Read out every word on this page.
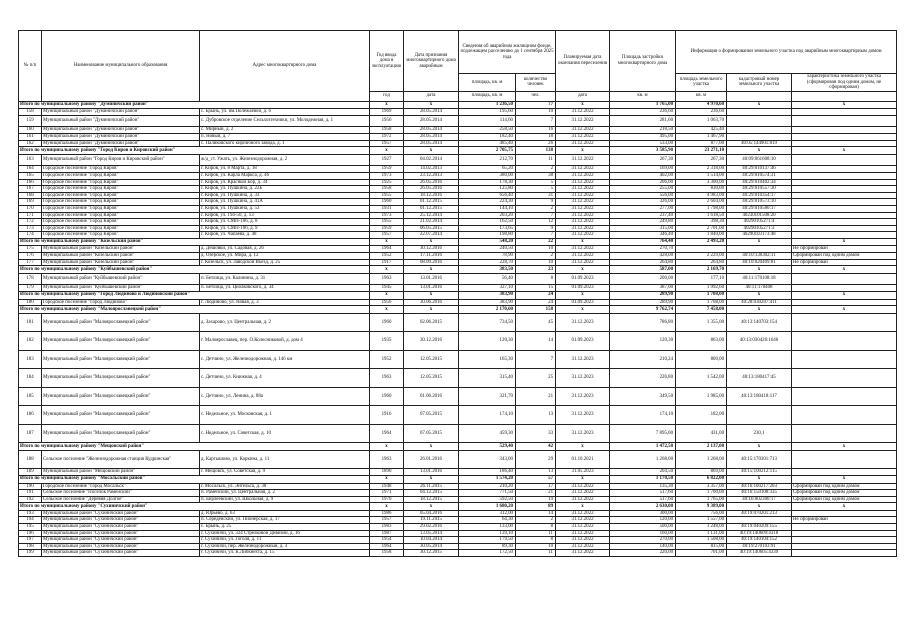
№ п/п	Наименование муниципального образования	Адрес многоквартирного дома	Год ввода дома в эксплуатацию	Дата признания многоквартирного дома аварийным	Сведения об аварийном жилищном фонде, подлежащем расселению до 1 сентября 2025 года		Планируемая дата окончания переселения	Площадь застройки многоквартирного дома	Информация о формировании земельного участка под аварийным многоквартирным домом		
					площадь, кв. м	количество человек			площадь земельного участка	кадастровый номер земельного участка	характеристика земельного участка (сформирован под одним домом, не сформирован)
			год	дата	площадь, кв. м	чел.	дата	кв. м	кв. м		
Итого по муниципальному району "Думиничский район"			х	х	1 236,50	77	х	1 765,00	4 970,60	х	х
158	Муниципальный район "Думиничский район"	с. Брынь, ул. им.Полежаевой, д. 6	1969	28.05.2014	195,60	10	31.12.2022	236,60	236,60		
159	Муниципальный район "Думиничский район"	с. Дубровское отделение Сельхозтехники, ул. Молодежная, д. 1	1956	28.05.2014	114,60	7	31.12.2022	281,60	1 063,70		
160	Муниципальный район "Думиничский район"	с. Мирный, д. 2	1958	28.05.2014	258,50	16	31.12.2022	218,50	425,40		
161	Муниципальный район "Думиничский район"	п. Новый, д. 7	1972	28.05.2014	182,40	18	31.12.2022	495,00	1 467,90		
162	Муниципальный район "Думиничский район"	с. Паликовского кирпичного завода, д. 1	1957	28.05.2014	485,40	26	31.12.2022	533,00	877,00	40:05:144901:819	
Итого по муниципальному району "Город Киров и Кировский район"			х	х	2 705,75	138	х	3 585,90	23 271,10	х	х
163	Муниципальный район "Город Киров и Кировский район"	ж/д_ст. Ужать, ул. Железнодорожная, д. 2	1927	04.02.2014	212,70	11	31.12.2022	267,30	267,30	40:09:061608:10	
164	Городское поселение "Город Киров"	г. Киров, ул. 8 Марта, д. 18	1959	14.02.2013	65,20	2	31.12.2022	169,00	2 318,00	40:29:010137:46	
165	Городское поселение "Город Киров"	г. Киров, ул. Карла Маркса, д. 46	1973	23.12.2013	380,00	38	31.12.2022	402,00	1 514,00	40:29:010574:31	
166	Городское поселение "Город Киров"	г. Киров, ул. Красный Бор, д. 34	1925	26.05.2016	178,30	5	31.12.2022	206,00	3 300,00	40:29:010402:34	
167	Городское поселение "Город Киров"	г. Киров, ул. Пушкина, д. 22Б	1958	26.05.2016	125,80	5	31.12.2022	255,00	830,00	40:29:010557:30	
168	Городское поселение "Город Киров"	г. Киров, ул. Пушкина, д. 33	1955	18.12.2016	656,40	31	31.12.2022	556,00	4 983,00	40:29:010354:17	
169	Городское поселение "Город Киров"	г. Киров, ул. Пушкина, д. 41А	1960	01.12.2015	224,30	9	31.12.2022	326,00	2 604,00	40:29:010573:10	
170	Городское поселение "Город Киров"	г. Киров, ул. Пушкина, д. 53	1931	01.12.2015	144,10	2	31.12.2022	277,00	1 798,00	40:29:010580:17	
171	Городское поселение "Город Киров"	г. Киров, ул. 194-50, д. 13	1973	25.12.2014	203,20	7	31.12.2022	237,40	1 618,50	40230101508:20	
172	Городское поселение "Город Киров"	г. Киров, ул. СМП-106, д. 8	1955	21.02.2014	162,50	12	31.12.2022	249,80	398,30	40290105271:4	
173	Городское поселение "Город Киров"	г. Киров, ул. СМП-106, д. 9	1959	06.05.2015	173,65	9	31.12.2022	315,00	2 701,00	40290105271:3	
174	Городское поселение "Город Киров"	г. Киров, ул. Чапаева, д. 48	1957	22.07.2014	198,80	7	31.12.2022	346,40	1 840,00	40290103173:48	
Итого по муниципальному району "Козельский район"			х	х	548,20	22	х	764,40	2 493,20	х	х
175	Муниципальный район "Козельский район"	д. Дешовки, ул. Садовая, д. 26	1964	30.12.2016	240,50	10	31.12.2022	270,70			Не сформирован
176	Муниципальный район "Козельский район"	д. Озерское, ул. Мира, д. 12	1952	17.11.2016	78,90	2	31.12.2022	428,00	2 229,00	40:10:130302:11	Сформирован под одним домом
177	Муниципальный район "Козельский район"	г. Козельск, ул. Заводской Въезд, д. 25	1917	08.09.2016	228,70	10	31.12.2022	264,80	264,80	40:10:020409:81	Не сформирован
Итого по муниципальному району "Куйбышевский район"			х	х	383,50	23	х	587,00	2 169,70	х	х
178	Муниципальный район "Куйбышевский район"	п. Бетлица, ул. Калинина, д. 31	1963	13.01.2016	56,40	8	01.09.2023	200,00	177,10	40:11:170108:18	
179	Муниципальный район "Куйбышевский район"	п. Бетлица, ул. Циолковского, д. 34	1945	13.01.2016	327,10	15	01.09.2023	387,00	1 992,60	40:11:170408	
Итого по муниципальному району "Город Людиново и Людиновский район"			х	х	383,90	24	х	289,90	1 708,00	х	х
180	Городское поселение "Город Людиново"	г. Людиново, ул. Новая, д. 3	1956	30.06.2016	383,90	24	01.09.2023	289,90	1 708,00	40:28:030207:411	
Итого по муниципальному району "Малоярославецкий район"			х	х	2 170,60	158	х	9 762,74	7 458,00	х	х
181	Муниципальный район "Малоярославецкий район"	д. Захарово, ул. Центральная, д. 2	1960	02.06.2015	734,50	45	31.12.2023	786,80	1 355,00	40:13:140703:154	
182	Муниципальный район "Малоярославецкий район"	г. Малоярославец, пер. О.Колесниковой, д. дом 4	1935	30.12.2016	120,30	14	01.09.2023	120,30	863,00	40:13:030426:1646	
183	Муниципальный район "Малоярославецкий район"	с. Детчино, ул. Железнодорожная, д. 146 км	1952	12.05.2015	165,30	7	31.12.2023	210,24	800,00		
184	Муниципальный район "Малоярославецкий район"	с. Детчино, ул. Книжная, д. 4	1963	12.05.2015	315,40	25	31.12.2023	226,80	1 542,00	40:13:180417:45	
185	Муниципальный район "Малоярославецкий район"	с. Детчино, ул. Ленина, д. 88а	1960	01.06.2016	321,70	21	31.12.2023	349,50	1 985,00	40:13:180418:117	
186	Муниципальный район "Малоярославецкий район"	с. Недельное, ул. Московская, д. 1	1916	07.05.2015	174,10	13	31.12.2023	174,10	182,00		
187	Муниципальный район "Малоярославецкий район"	с. Недельное, ул. Советская, д. 10	1964	07.05.2015	459,30	33	31.12.2023	7 895,00	431,00	230,1	
Итого по муниципальному району "Мещовский район"			х	х	529,40	42	х	1 472,50	2 137,00	х	х
188	Сельское поселение "Железнодорожная станция Кудринская"	д. Картышово, ул. Коркина, д. 11	1963	26.01.2016	343,00	29	01.10.2021	1 268,00	1 268,00	40:15:170301:713	
189	Муниципальный район "Мещовский район"	г. Мещовск, ул. Советская, д. 9	1890	13.01.2016	186,40	13	31.05.2023	204,50	869,00	40:15:100212:115	
Итого по муниципальному району "Мосальский район"			х	х	1 574,20	57	х	1 170,50	6 822,00	х	х
190	Городское поселение "Город Мосальск"	г. Мосальск, ул. Энгельса, д. 38	1948	26.11.2015	210,20	17	31.12.2022	135,30	3 357,00	40:16:100217:203	Сформирован под одним домом
191	Сельское поселение "Поселок Раменский"	п. Раменский, ул. Центральная, д. 2	1971	04.12.2015	771,50	21	31.12.2022	517,60	1 700,00	40:16:150108:335	Сформирован под одним домом
192	Сельское поселение "Деревня Долгое"	п. Бирлеевский, ул. Школьная, д. 9	1970	18.12.2015	592,50	19	31.12.2022	517,60	1 765,00	40:16:002300:17	Сформирован под одним домом
Итого по муниципальному району "Сухиничский район"			х	х	1 680,20	89	х	2 630,00	9 389,00	х	х
193	Муниципальный район "Сухиничский район"	д. Юрьево, д. 63	1986	05.04.2016	312,00	14	31.12.2022	300,00	756,00	40:19:070201:213	
194	Муниципальный район "Сухиничский район"	п. Середейский, ул. Пионерская, д. 17	1957	19.11.2015	64,30	2	31.12.2022	120,00	1 557,00		Не сформирован
195	Муниципальный район "Сухиничский район"	с. Брынь, д. 25	1983	29.02.2016	133,00	8	31.12.2022	500,00	1 248,00	40:19:040209:155	
196	Муниципальный район "Сухиничский район"	г. Сухиничи, ул. 324 Стрелковой Дивизии, д. 16	1987	13.05.2014	139,10	11	31.12.2022	160,00	1 131,00	40:19:140609:4318	
197	Муниципальный район "Сухиничский район"	г. Сухиничи, ул. Гоголя, д. 11	1954	10.04.2014	179,50	8	31.12.2022	270,00	1 508,00	40:19:140104:152	
198	Муниципальный район "Сухиничский район"	г. Сухиничи, пер. Железнодорожный, д. 3	1964	30.05.2014	89,30	10	31.12.2022	140,00	815,00	40:19:270103:91	
199	Муниципальный район "Сухиничский район"	г. Сухиничи, ул. К.Либкнехта, д. 15	1958	30.12.2015	172,50	11	31.12.2022	220,00	701,00	40:19:140605:4339	
